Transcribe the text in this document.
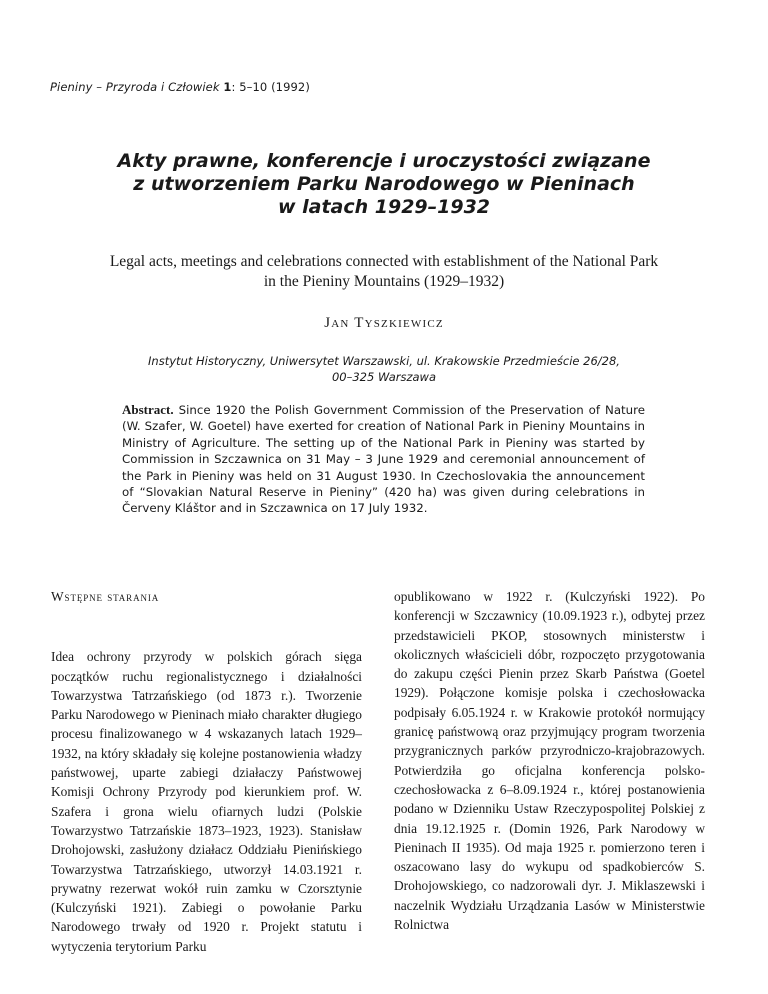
Pieniny – Przyroda i Człowiek 1: 5–10 (1992)
Akty prawne, konferencje i uroczystości związane
z utworzeniem Parku Narodowego w Pieninach
w latach 1929–1932
Legal acts, meetings and celebrations connected with establishment of the National Park
in the Pieniny Mountains (1929–1932)
Jan Tyszkiewicz
Instytut Historyczny, Uniwersytet Warszawski, ul. Krakowskie Przedmieście 26/28,
00–325 Warszawa
Abstract. Since 1920 the Polish Government Commission of the Preservation of Nature (W. Szafer, W. Goetel) have exerted for creation of National Park in Pieniny Mountains in Ministry of Agriculture. The setting up of the National Park in Pieniny was started by Commission in Szczawnica on 31 May – 3 June 1929 and ceremonial announcement of the Park in Pieniny was held on 31 August 1930. In Czechoslovakia the announcement of “Slovakian Natural Reserve in Pieniny” (420 ha) was given during celebrations in Červeny Kláštor and in Szczawnica on 17 July 1932.
Wstępne starania

Idea ochrony przyrody w polskich górach sięga początków ruchu regionalistycznego i działalności Towarzystwa Tatrzańskiego (od 1873 r.). Tworzenie Parku Narodowego w Pieninach miało charakter długiego procesu finalizowanego w 4 wskazanych latach 1929–1932, na który składały się kolejne postanowienia władzy państwowej, uparte zabiegi działaczy Państwowej Komisji Ochrony Przyrody pod kierunkiem prof. W. Szafera i grona wielu ofiarnych ludzi (Polskie Towarzystwo Tatrzańskie 1873–1923, 1923). Stanisław Drohojowski, zasłużony działacz Oddziału Pienińskiego Towarzystwa Tatrzańskiego, utworzył 14.03.1921 r. prywatny rezerwat wokół ruin zamku w Czorsztynie (Kulczyński 1921). Zabiegi o powołanie Parku Narodowego trwały od 1920 r. Projekt statutu i wytyczenia terytorium Parku

opublikowano w 1922 r. (Kulczyński 1922). Po konferencji w Szczawnicy (10.09.1923 r.), odbytej przez przedstawicieli PKOP, stosownych ministerstw i okolicznych właścicieli dóbr, rozpoczęto przygotowania do zakupu części Pienin przez Skarb Państwa (Goetel 1929). Połączone komisje polska i czechosłowacka podpisały 6.05.1924 r. w Krakowie protokół normujący granicę państwową oraz przyjmujący program tworzenia przygranicznych parków przyrodniczo-krajobrazowych. Potwierdziła go oficjalna konferencja polsko-czechosłowacka z 6–8.09.1924 r., której postanowienia podano w Dzienniku Ustaw Rzeczypospolitej Polskiej z dnia 19.12.1925 r. (Domin 1926, Park Narodowy w Pieninach II 1935). Od maja 1925 r. pomierzono teren i oszacowano lasy do wykupu od spadkobierców S. Drohojowskiego, co nadzorowali dyr. J. Miklaszewski i naczelnik Wydziału Urządzania Lasów w Ministerstwie Rolnictwa
